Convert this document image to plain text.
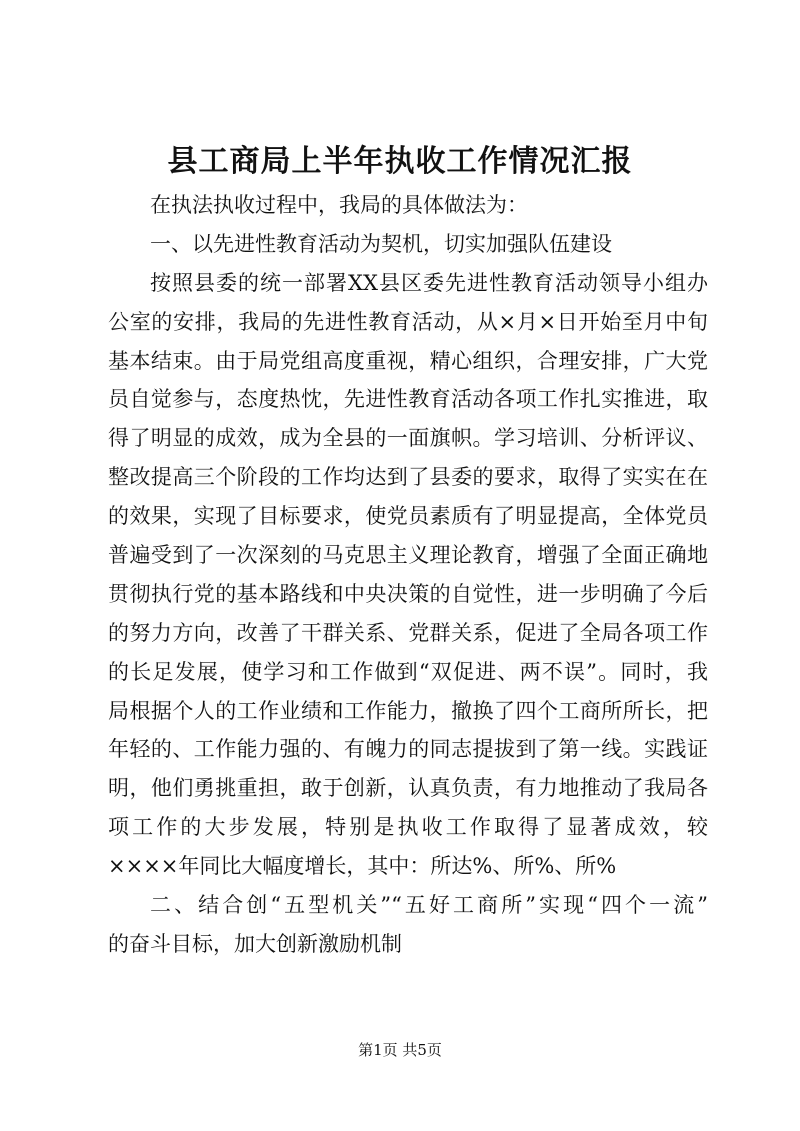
县工商局上半年执收工作情况汇报
在执法执收过程中，我局的具体做法为：
一、以先进性教育活动为契机，切实加强队伍建设
按照县委的统一部署XX县区委先进性教育活动领导小组办
公室的安排，我局的先进性教育活动，从×月×日开始至月中旬
基本结束。由于局党组高度重视，精心组织，合理安排，广大党
员自觉参与，态度热忱，先进性教育活动各项工作扎实推进，取
得了明显的成效，成为全县的一面旗帜。学习培训、分析评议、
整改提高三个阶段的工作均达到了县委的要求，取得了实实在在
的效果，实现了目标要求，使党员素质有了明显提高，全体党员
普遍受到了一次深刻的马克思主义理论教育，增强了全面正确地
贯彻执行党的基本路线和中央决策的自觉性，进一步明确了今后
的努力方向，改善了干群关系、党群关系，促进了全局各项工作
的长足发展，使学习和工作做到“双促进、两不误”。同时，我
局根据个人的工作业绩和工作能力，撤换了四个工商所所长，把
年轻的、工作能力强的、有魄力的同志提拔到了第一线。实践证
明，他们勇挑重担，敢于创新，认真负责，有力地推动了我局各
项工作的大步发展，特别是执收工作取得了显著成效，较
××××年同比大幅度增长，其中：所达%、所%、所%
二、结合创“五型机关”“五好工商所”实现“四个一流”
的奋斗目标，加大创新激励机制
第1页 共5页
